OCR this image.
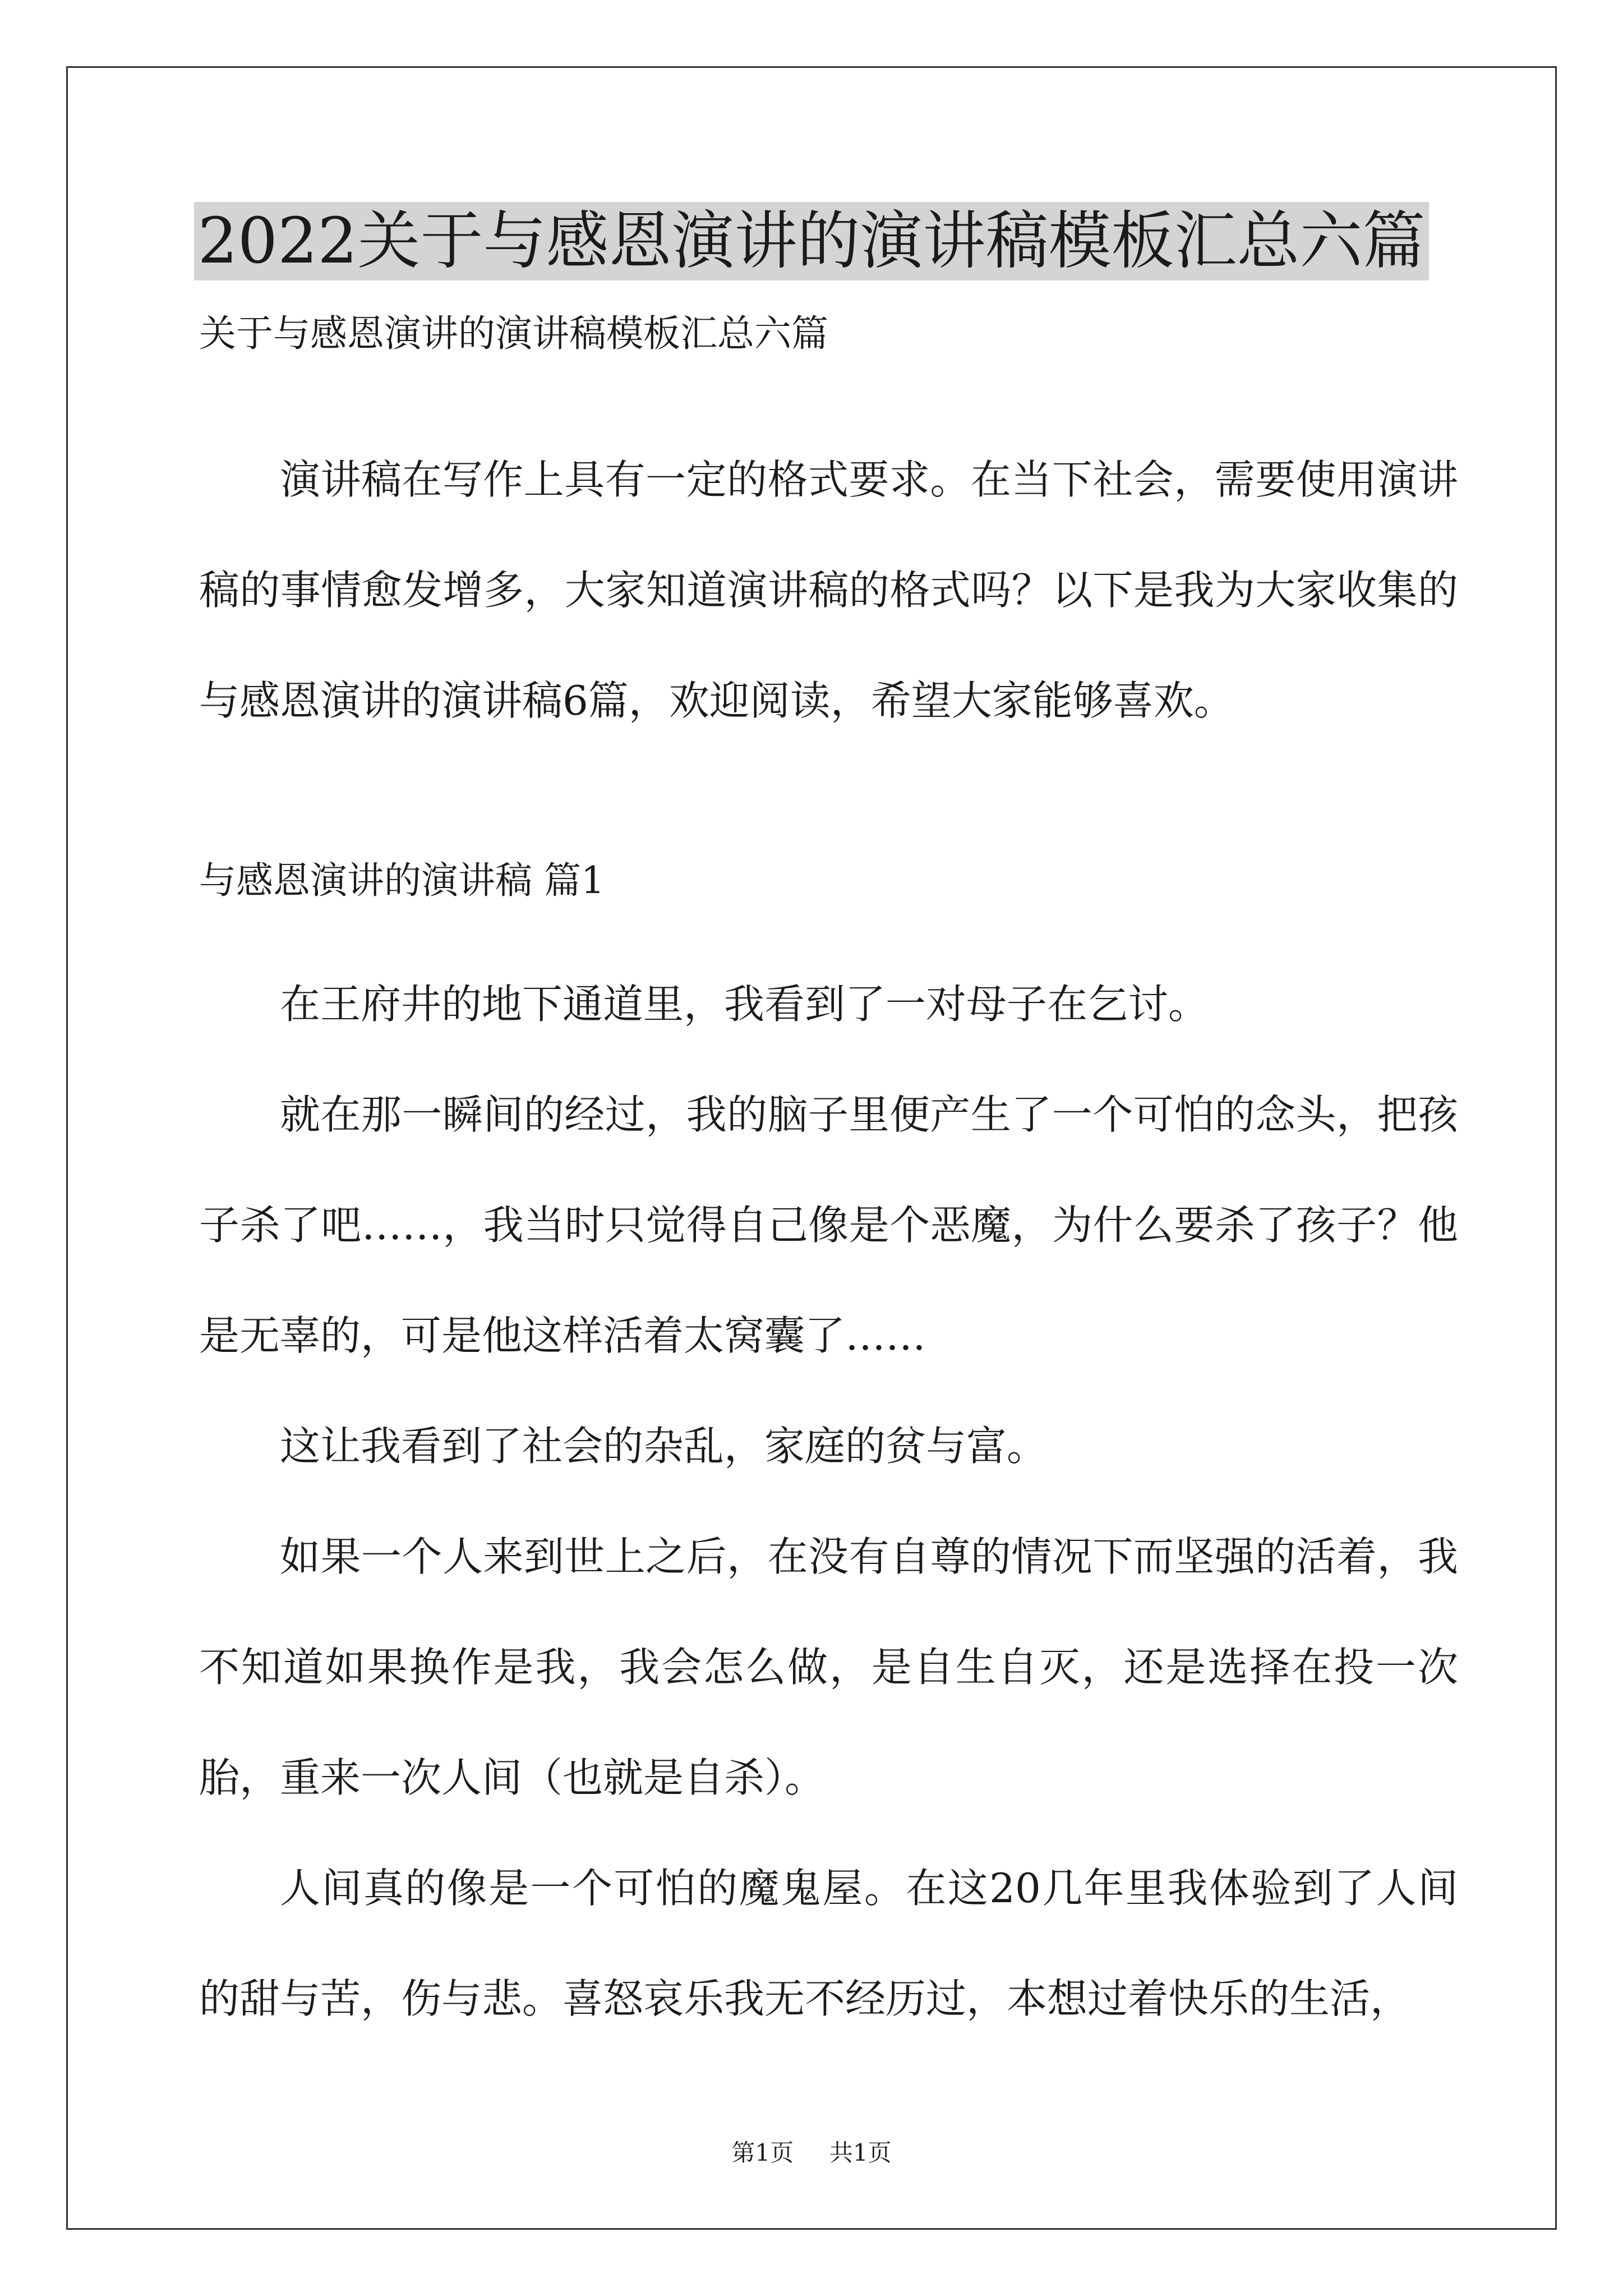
2022关于与感恩演讲的演讲稿模板汇总六篇
关于与感恩演讲的演讲稿模板汇总六篇

演讲稿在写作上具有一定的格式要求。在当下社会，需要使用演讲稿的事情愈发增多，大家知道演讲稿的格式吗？以下是我为大家收集的与感恩演讲的演讲稿6篇，欢迎阅读，希望大家能够喜欢。

与感恩演讲的演讲稿 篇1

在王府井的地下通道里，我看到了一对母子在乞讨。

就在那一瞬间的经过，我的脑子里便产生了一个可怕的念头，把孩子杀了吧……，我当时只觉得自己像是个恶魔，为什么要杀了孩子？他是无辜的，可是他这样活着太窝囊了……

这让我看到了社会的杂乱，家庭的贫与富。

如果一个人来到世上之后，在没有自尊的情况下而坚强的活着，我不知道如果换作是我，我会怎么做，是自生自灭，还是选择在投一次胎，重来一次人间（也就是自杀）。

人间真的像是一个可怕的魔鬼屋。在这20几年里我体验到了人间的甜与苦，伤与悲。喜怒哀乐我无不经历过，本想过着快乐的生活，

第1页 共1页
